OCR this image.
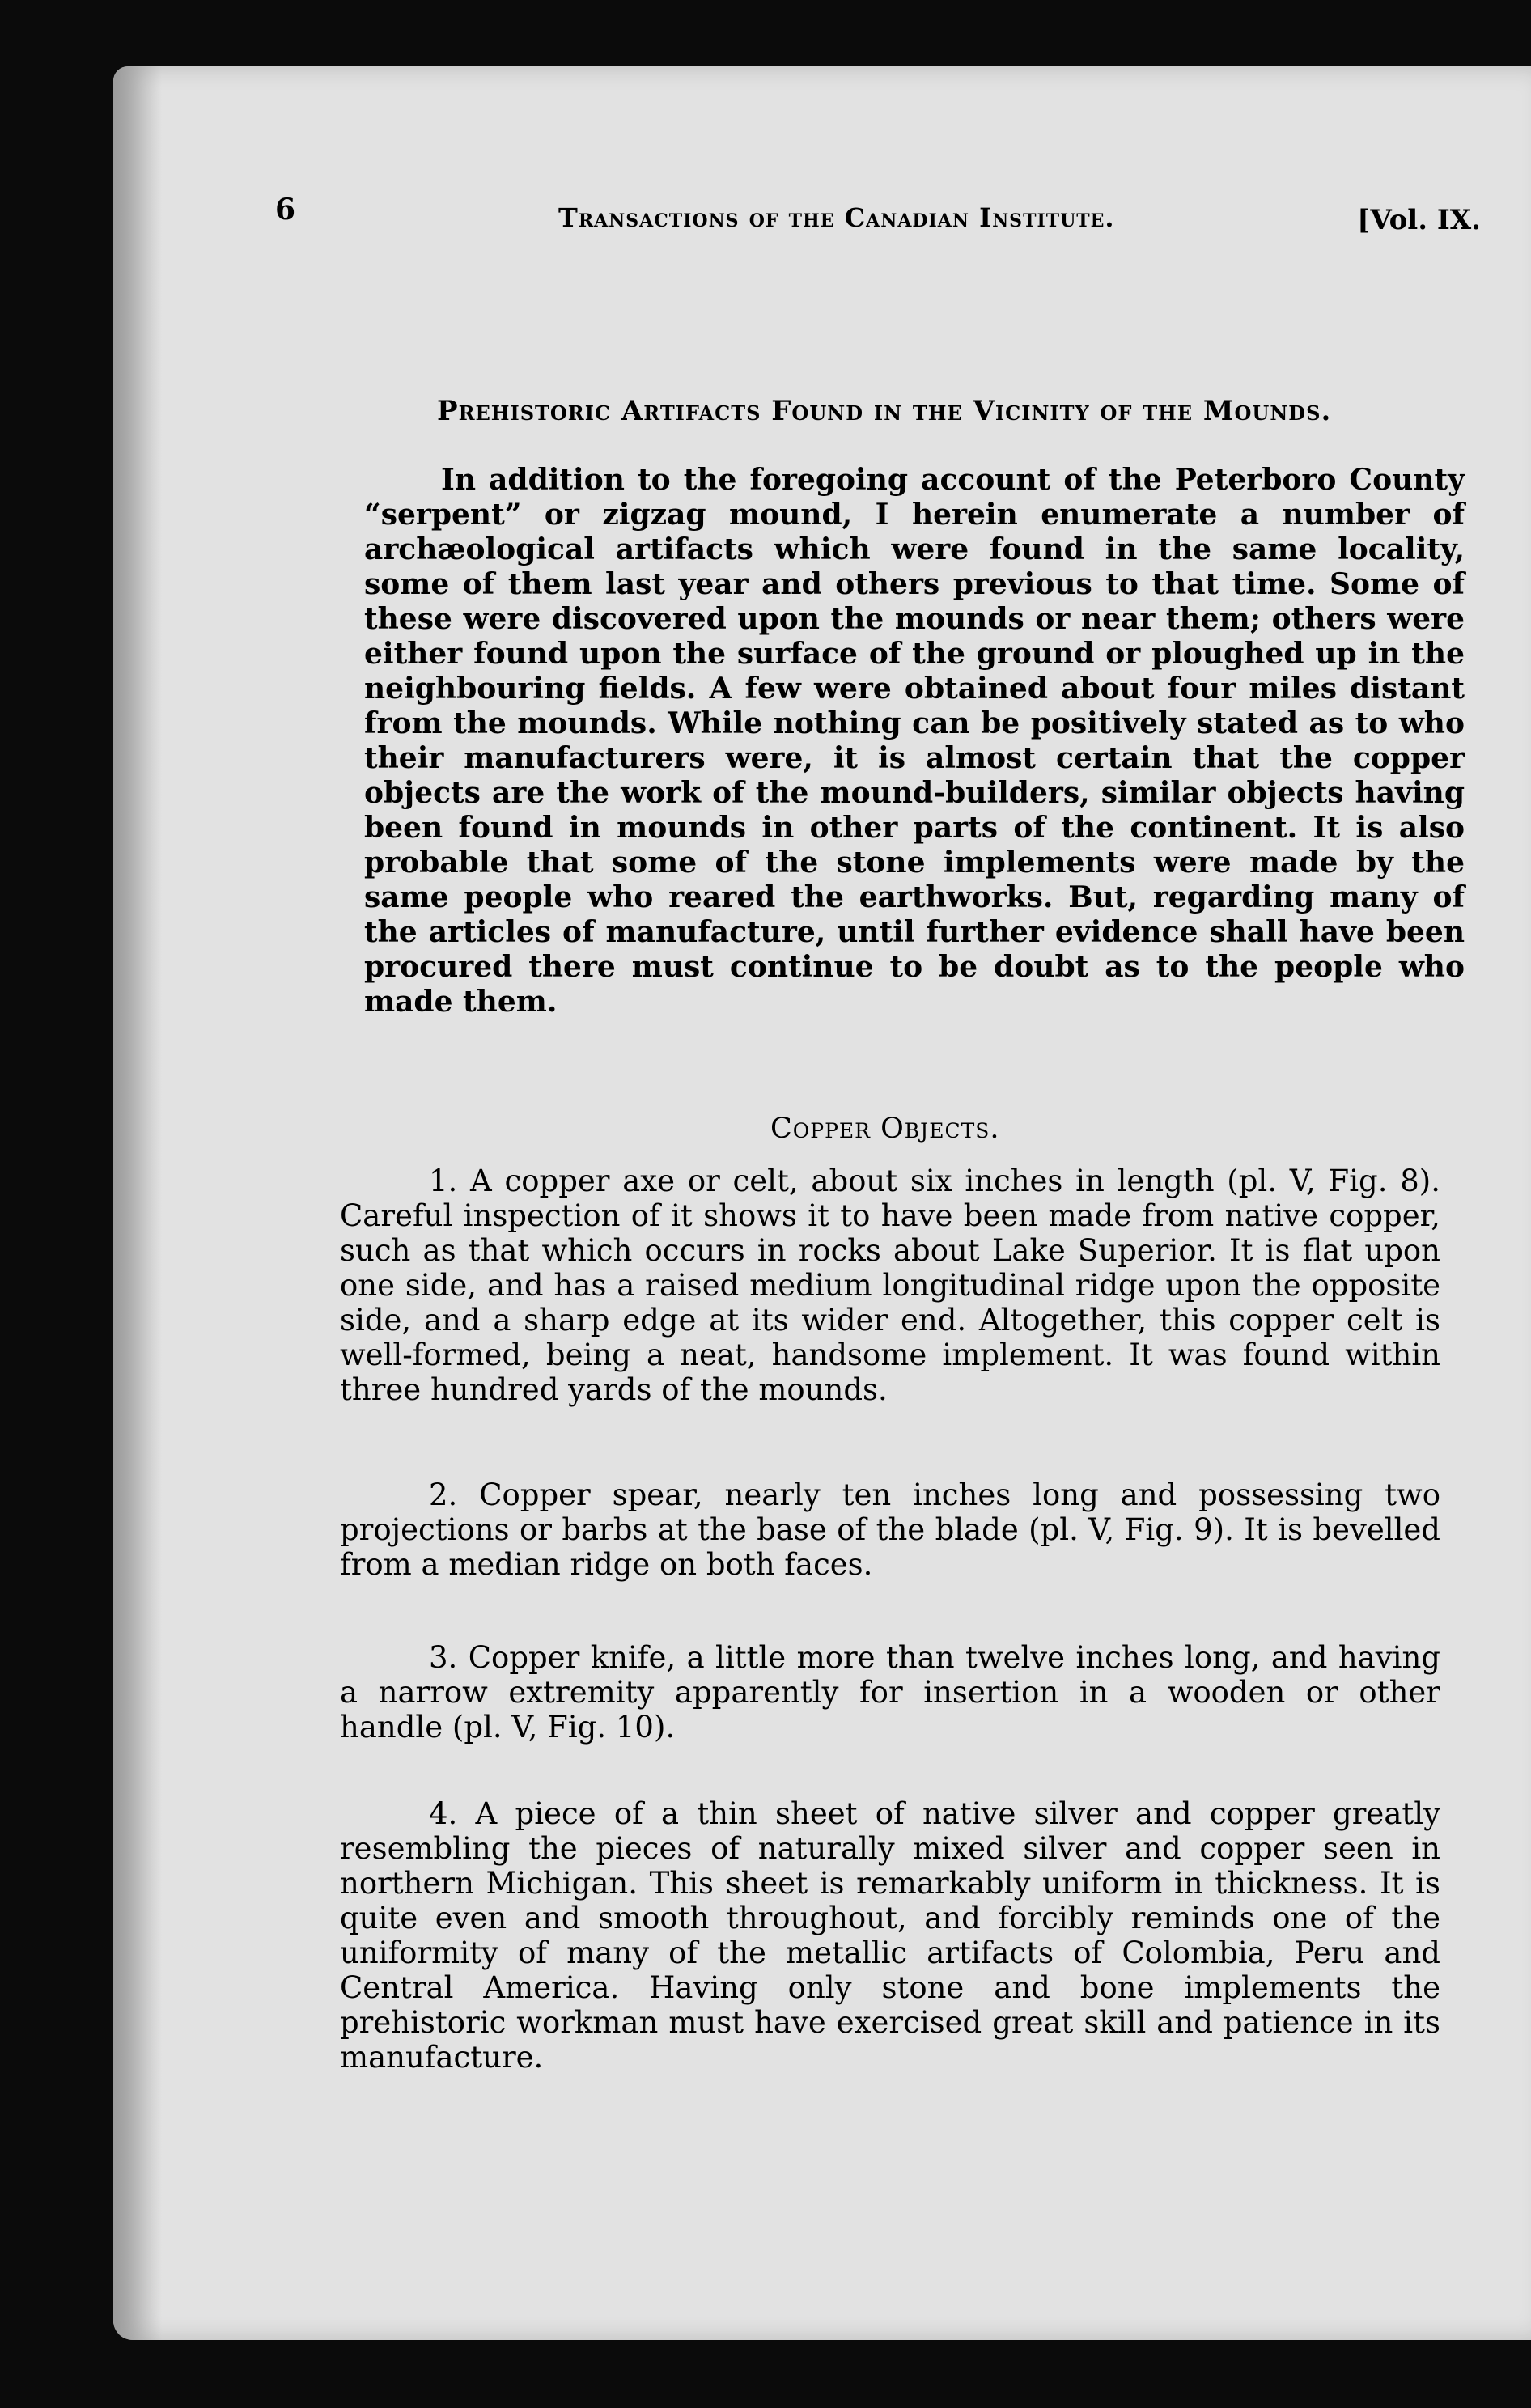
6	Transactions of the Canadian Institute.	[Vol. IX.
Prehistoric Artifacts Found in the Vicinity of the Mounds.

In addition to the foregoing account of the Peterboro County “serpent” or zigzag mound, I herein enumerate a number of archæological artifacts which were found in the same locality, some of them last year and others previous to that time. Some of these were discovered upon the mounds or near them; others were either found upon the surface of the ground or ploughed up in the neighbouring fields. A few were obtained about four miles distant from the mounds. While nothing can be positively stated as to who their manufacturers were, it is almost certain that the copper objects are the work of the mound-builders, similar objects having been found in mounds in other parts of the continent. It is also probable that some of the stone implements were made by the same people who reared the earthworks. But, regarding many of the articles of manufacture, until further evidence shall have been procured there must continue to be doubt as to the people who made them.

Copper Objects.

1. A copper axe or celt, about six inches in length (pl. V, Fig. 8). Careful inspection of it shows it to have been made from native copper, such as that which occurs in rocks about Lake Superior. It is flat upon one side, and has a raised medium longitudinal ridge upon the opposite side, and a sharp edge at its wider end. Altogether, this copper celt is well-formed, being a neat, handsome implement. It was found within three hundred yards of the mounds.

2. Copper spear, nearly ten inches long and possessing two projections or barbs at the base of the blade (pl. V, Fig. 9). It is bevelled from a median ridge on both faces.

3. Copper knife, a little more than twelve inches long, and having a narrow extremity apparently for insertion in a wooden or other handle (pl. V, Fig. 10).

4. A piece of a thin sheet of native silver and copper greatly resembling the pieces of naturally mixed silver and copper seen in northern Michigan. This sheet is remarkably uniform in thickness. It is quite even and smooth throughout, and forcibly reminds one of the uniformity of many of the metallic artifacts of Colombia, Peru and Central America. Having only stone and bone implements the prehistoric workman must have exercised great skill and patience in its manufacture.
